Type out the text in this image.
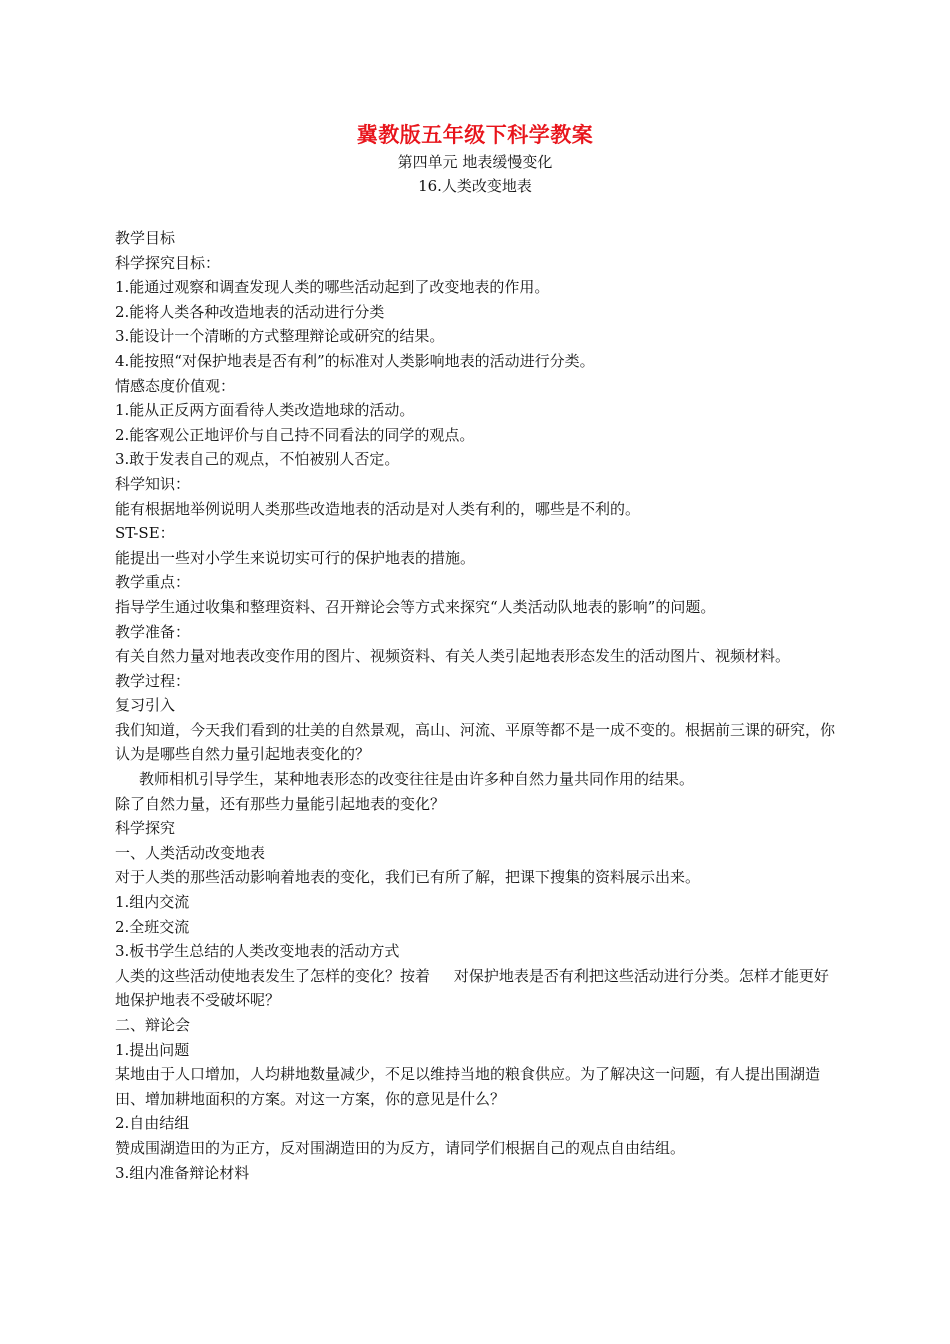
冀教版五年级下科学教案
第四单元 地表缓慢变化
16.人类改变地表
教学目标
科学探究目标：
1.能通过观察和调查发现人类的哪些活动起到了改变地表的作用。
2.能将人类各种改造地表的活动进行分类
3.能设计一个清晰的方式整理辩论或研究的结果。
4.能按照“对保护地表是否有利”的标准对人类影响地表的活动进行分类。
情感态度价值观：
1.能从正反两方面看待人类改造地球的活动。
2.能客观公正地评价与自己持不同看法的同学的观点。
3.敢于发表自己的观点，不怕被别人否定。
科学知识：
能有根据地举例说明人类那些改造地表的活动是对人类有利的，哪些是不利的。
ST-SE：
能提出一些对小学生来说切实可行的保护地表的措施。
教学重点：
指导学生通过收集和整理资料、召开辩论会等方式来探究“人类活动队地表的影响”的问题。
教学准备：
有关自然力量对地表改变作用的图片、视频资料、有关人类引起地表形态发生的活动图片、视频材料。
教学过程：
复习引入
我们知道，今天我们看到的壮美的自然景观，高山、河流、平原等都不是一成不变的。根据前三课的研究，你认为是哪些自然力量引起地表变化的？
教师相机引导学生，某种地表形态的改变往往是由许多种自然力量共同作用的结果。
除了自然力量，还有那些力量能引起地表的变化？
科学探究
一、人类活动改变地表
对于人类的那些活动影响着地表的变化，我们已有所了解，把课下搜集的资料展示出来。
1.组内交流
2.全班交流
3.板书学生总结的人类改变地表的活动方式
人类的这些活动使地表发生了怎样的变化？按着     对保护地表是否有利把这些活动进行分类。怎样才能更好地保护地表不受破坏呢？
二、辩论会
1.提出问题
某地由于人口增加，人均耕地数量减少，不足以维持当地的粮食供应。为了解决这一问题，有人提出围湖造田、增加耕地面积的方案。对这一方案，你的意见是什么？
2.自由结组
赞成围湖造田的为正方，反对围湖造田的为反方，请同学们根据自己的观点自由结组。
3.组内准备辩论材料
